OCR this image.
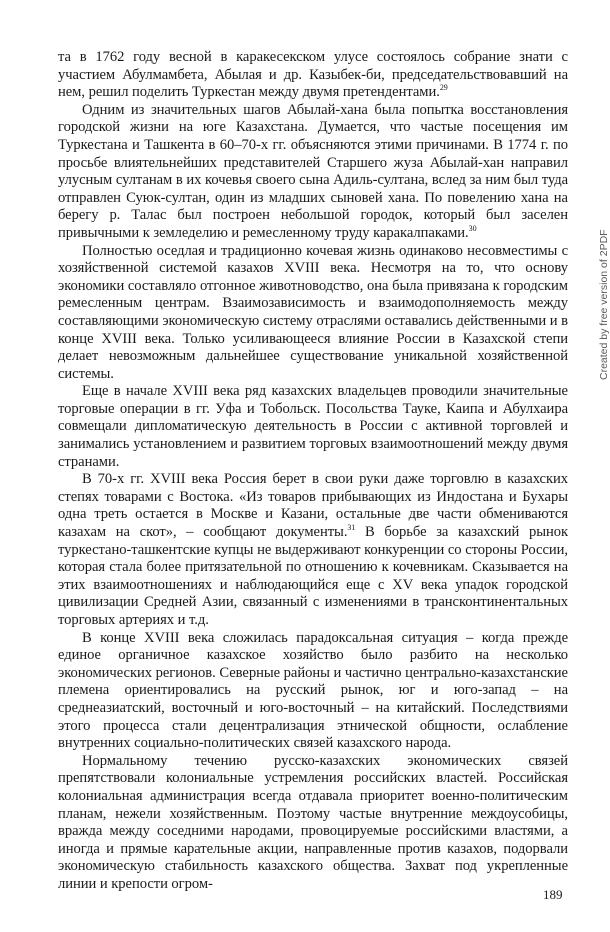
та в 1762 году весной в каракесекском улусе состоялось собрание знати с участием Абулмамбета, Абылая и др. Казыбек-би, председательствовавший на нем, решил поделить Туркестан между двумя претендентами.$^{29}$

Одним из значительных шагов Абылай-хана была попытка восстановления городской жизни на юге Казахстана. Думается, что частые посещения им Туркестана и Ташкента в 60–70-х гг. объясняются этими причинами. В 1774 г. по просьбе влиятельнейших представителей Старшего жуза Абылай-хан направил улусным султанам в их кочевья своего сына Адиль-султана, вслед за ним был туда отправлен Суюк-султан, один из младших сыновей хана. По повелению хана на берегу р. Талас был построен небольшой городок, который был заселен привычными к земледелию и ремесленному труду каракалпаками.$^{30}$

Полностью оседлая и традиционно кочевая жизнь одинаково несовместимы с хозяйственной системой казахов XVIII века. Несмотря на то, что основу экономики составляло отгонное животноводство, она была привязана к городским ремесленным центрам. Взаимозависимость и взаимодополняемость между составляющими экономическую систему отраслями оставались действенными и в конце XVIII века. Только усиливающееся влияние России в Казахской степи делает невозможным дальнейшее существование уникальной хозяйственной системы.

Еще в начале XVIII века ряд казахских владельцев проводили значительные торговые операции в гг. Уфа и Тобольск. Посольства Тауке, Каипа и Абулхаира совмещали дипломатическую деятельность в России с активной торговлей и занимались установлением и развитием торговых взаимоотношений между двумя странами.

В 70-х гг. XVIII века Россия берет в свои руки даже торговлю в казахских степях товарами с Востока. «Из товаров прибывающих из Индостана и Бухары одна треть остается в Москве и Казани, остальные две части обмениваются казахам на скот», – сообщают документы.$^{31}$ В борьбе за казахский рынок туркестано-ташкентские купцы не выдерживают конкуренции со стороны России, которая стала более притязательной по отношению к кочевникам. Сказывается на этих взаимоотношениях и наблюдающийся еще с XV века упадок городской цивилизации Средней Азии, связанный с изменениями в трансконтинентальных торговых артериях и т.д.

В конце XVIII века сложилась парадоксальная ситуация – когда прежде единое органичное казахское хозяйство было разбито на несколько экономических регионов. Северные районы и частично центрально-казахстанские племена ориентировались на русский рынок, юг и юго-запад – на среднеазиатский, восточный и юго-восточный – на китайский. Последствиями этого процесса стали децентрализация этнической общности, ослабление внутренних социально-политических связей казахского народа.

Нормальному течению русско-казахских экономических связей препятствовали колониальные устремления российских властей. Российская колониальная администрация всегда отдавала приоритет военно-политическим планам, нежели хозяйственным. Поэтому частые внутренние междоусобицы, вражда между соседними народами, провоцируемые российскими властями, а иногда и прямые карательные акции, направленные против казахов, подорвали экономическую стабильность казахского общества. Захват под укрепленные линии и крепости огром-

189
Created by free version of 2PDF
